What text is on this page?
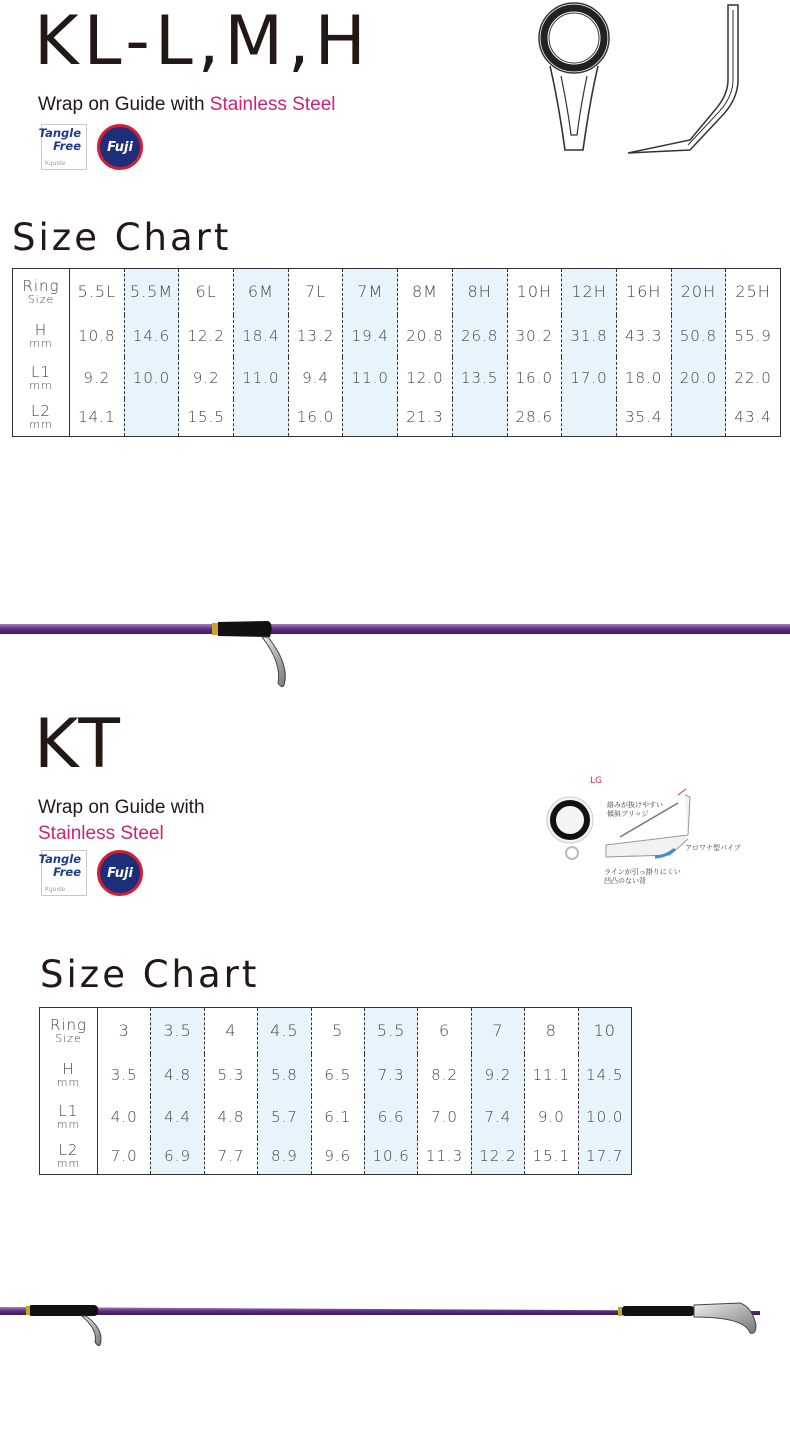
KL-L,M,H
Wrap on Guide with Stainless Steel
Tangle
Free
Kguide
Fuji
Size Chart
Ring
Size	5.5L	5.5M	6L	6M	7L	7M	8M	8H	10H	12H	16H	20H	25H

H
mm	10.8	14.6	12.2	18.4	13.2	19.4	20.8	26.8	30.2	31.8	43.3	50.8	55.9

L1
mm	9.2	10.0	9.2	11.0	9.4	11.0	12.0	13.5	16.0	17.0	18.0	20.0	22.0

L2
mm	14.1		15.5		16.0		21.3		28.6		35.4		43.4
KT
Wrap on Guide with
Stainless Steel
Tangle
Free
Kguide
Fuji
LG
絡みが抜けやすい
傾斜ブリッジ
アロワナ型パイプ
ラインが引っ掛りにくい
凹凸のない背
Size Chart
Ring
Size	3	3.5	4	4.5	5	5.5	6	7	8	10

H
mm	3.5	4.8	5.3	5.8	6.5	7.3	8.2	9.2	11.1	14.5

L1
mm	4.0	4.4	4.8	5.7	6.1	6.6	7.0	7.4	9.0	10.0

L2
mm	7.0	6.9	7.7	8.9	9.6	10.6	11.3	12.2	15.1	17.7
